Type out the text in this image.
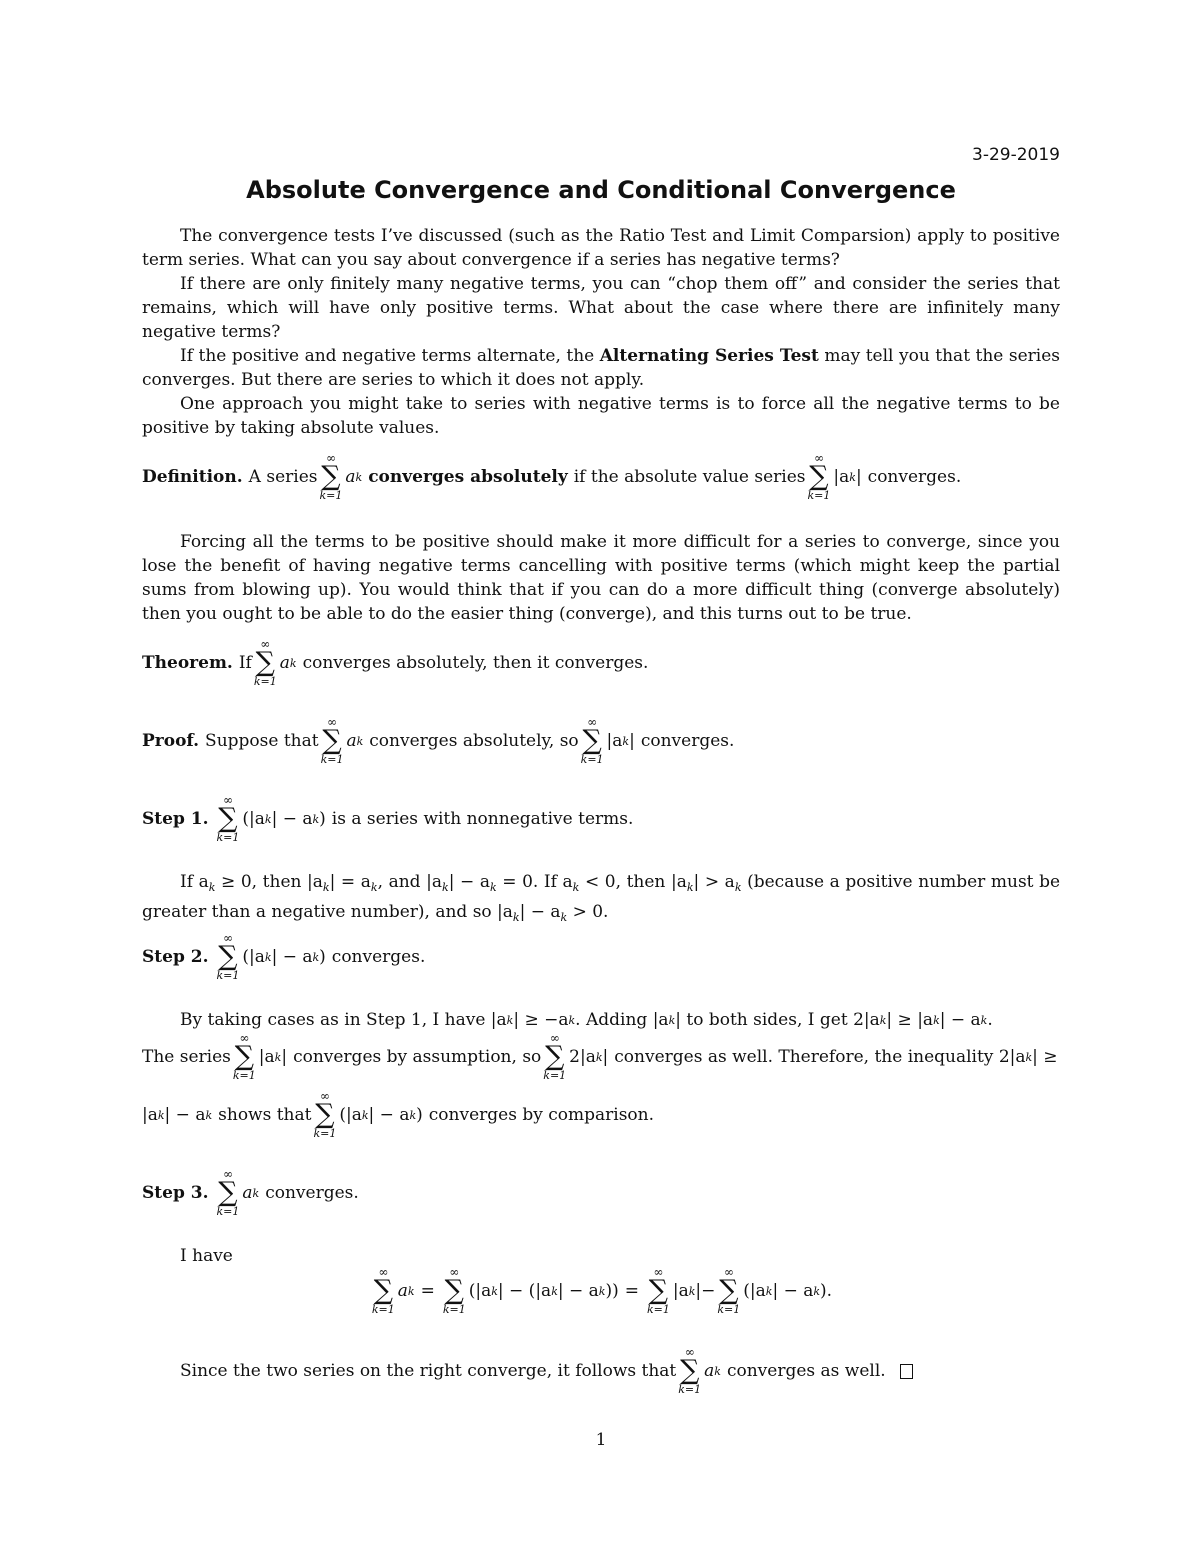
3-29-2019
Absolute Convergence and Conditional Convergence

The convergence tests I’ve discussed (such as the Ratio Test and Limit Comparsion) apply to positive term series. What can you say about convergence if a series has negative terms?

If there are only finitely many negative terms, you can “chop them off” and consider the series that remains, which will have only positive terms. What about the case where there are infinitely many negative terms?

If the positive and negative terms alternate, the Alternating Series Test may tell you that the series converges. But there are series to which it does not apply.

One approach you might take to series with negative terms is to force all the negative terms to be positive by taking absolute values.

Definition. A series
∞
∑
k=1
a k converges absolutely if the absolute value series
∞
∑
k=1
|a k | converges.

Forcing all the terms to be positive should make it more difficult for a series to converge, since you lose the benefit of having negative terms cancelling with positive terms (which might keep the partial sums from blowing up). You would think that if you can do a more difficult thing (converge absolutely) then you ought to be able to do the easier thing (converge), and this turns out to be true.

Theorem. If
∞
∑
k=1
a k converges absolutely, then it converges.
Proof. Suppose that
∞
∑
k=1
a k converges absolutely, so
∞
∑
k=1
|a k | converges.
Step 1.
∞
∑
k=1
(|a k | − a k ) is a series with nonnegative terms.

If $a_k \ge 0$, then $|a_k| = a_k$, and $|a_k| - a_k = 0$. If $a_k < 0$, then $|a_k| > a_k$ (because a positive number must be greater than a negative number), and so $|a_k| - a_k > 0$.

Step 2.
∞
∑
k=1
(|a k | − a k ) converges.
By taking cases as in Step 1, I have |a k | ≥ −a k . Adding |a k | to both sides, I get 2|a k | ≥ |a k | − a k .
The series
∞
∑
k=1
|a k | converges by assumption, so
∞
∑
k=1
2|a k | converges as well. Therefore, the inequality 2|a k | ≥
|a k | − a k shows that
∞
∑
k=1
(|a k | − a k ) converges by comparison.
Step 3.
∞
∑
k=1
a k converges.

I have

∞
∑
k=1
a k =
∞
∑
k=1
(|a k | − (|a k | − a k )) =
∞
∑
k=1
|a k | −
∞
∑
k=1
(|a k | − a k ).
Since the two series on the right converge, it follows that
∞
∑
k=1
a k converges as well.
1
